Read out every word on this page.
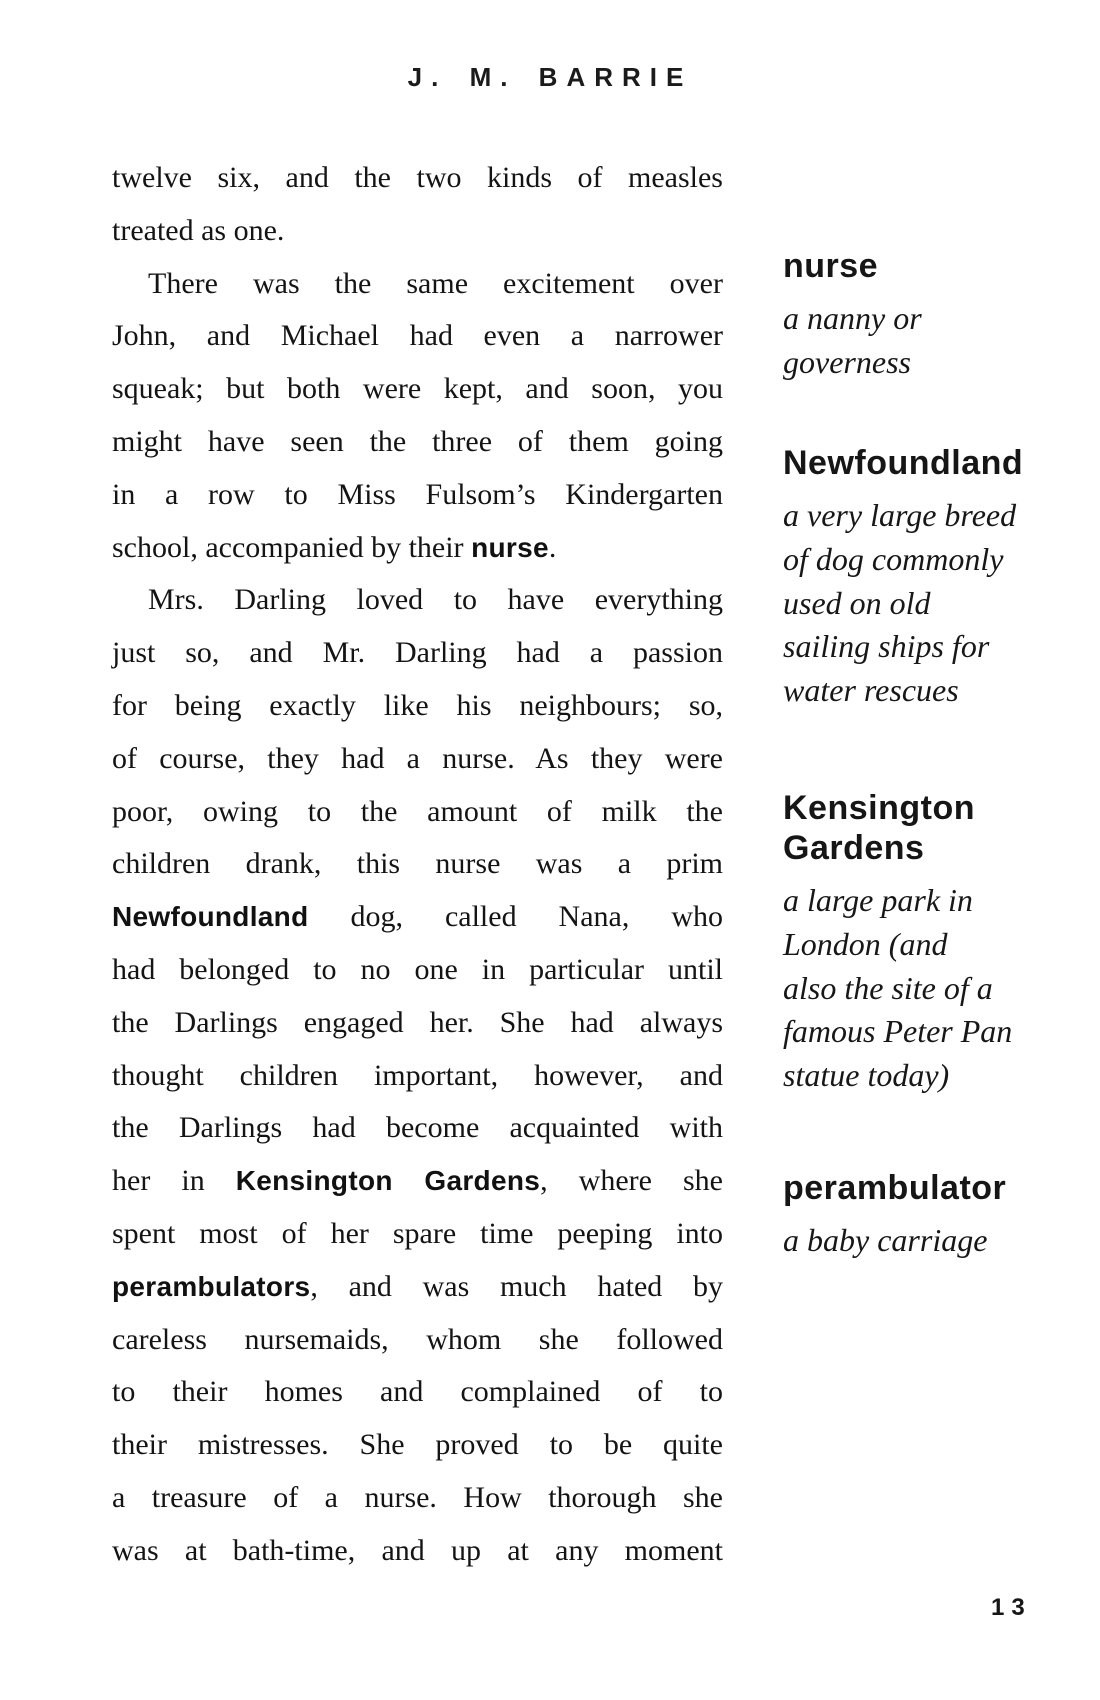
J. M. BARRIE
twelve six, and the two kinds of measles
treated as one.
There was the same excitement over
John, and Michael had even a narrower
squeak; but both were kept, and soon, you
might have seen the three of them going
in a row to Miss Fulsom’s Kindergarten
school, accompanied by their nurse.
Mrs. Darling loved to have everything
just so, and Mr. Darling had a passion
for being exactly like his neighbours; so,
of course, they had a nurse. As they were
poor, owing to the amount of milk the
children drank, this nurse was a prim
Newfoundland dog, called Nana, who
had belonged to no one in particular until
the Darlings engaged her. She had always
thought children important, however, and
the Darlings had become acquainted with
her in Kensington Gardens, where she
spent most of her spare time peeping into
perambulators, and was much hated by
careless nursemaids, whom she followed
to their homes and complained of to
their mistresses. She proved to be quite
a treasure of a nurse. How thorough she
was at bath-time, and up at any moment
nurse
a nanny or
governess
Newfoundland
a very large breed
of dog commonly
used on old
sailing ships for
water rescues
Kensington Gardens
a large park in
London (and
also the site of a
famous Peter Pan
statue today)
perambulator
a baby carriage
13
